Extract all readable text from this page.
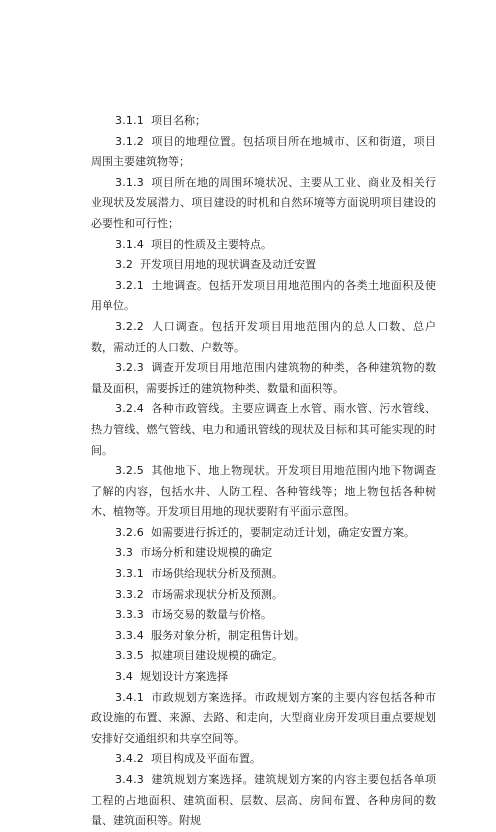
3.1.1 项目名称；

3.1.2 项目的地理位置。包括项目所在地城市、区和街道，项目周围主要建筑物等；

3.1.3 项目所在地的周围环境状况、主要从工业、商业及相关行业现状及发展潜力、项目建设的时机和自然环境等方面说明项目建设的必要性和可行性；

3.1.4 项目的性质及主要特点。

3.2 开发项目用地的现状调查及动迁安置

3.2.1 土地调查。包括开发项目用地范围内的各类土地面积及使用单位。

3.2.2 人口调查。包括开发项目用地范围内的总人口数、总户数，需动迁的人口数、户数等。

3.2.3 调查开发项目用地范围内建筑物的种类，各种建筑物的数量及面积，需要拆迁的建筑物种类、数量和面积等。

3.2.4 各种市政管线。主要应调查上水管、雨水管、污水管线、热力管线、燃气管线、电力和通讯管线的现状及目标和其可能实现的时间。

3.2.5 其他地下、地上物现状。开发项目用地范围内地下物调查了解的内容，包括水井、人防工程、各种管线等；地上物包括各种树木、植物等。开发项目用地的现状要附有平面示意图。

3.2.6 如需要进行拆迁的，要制定动迁计划，确定安置方案。

3.3 市场分析和建设规模的确定

3.3.1 市场供给现状分析及预测。

3.3.2 市场需求现状分析及预测。

3.3.3 市场交易的数量与价格。

3.3.4 服务对象分析，制定租售计划。

3.3.5 拟建项目建设规模的确定。

3.4 规划设计方案选择

3.4.1 市政规划方案选择。市政规划方案的主要内容包括各种市政设施的布置、来源、去路、和走向，大型商业房开发项目重点要规划安排好交通组织和共享空间等。

3.4.2 项目构成及平面布置。

3.4.3 建筑规划方案选择。建筑规划方案的内容主要包括各单项工程的占地面积、建筑面积、层数、层高、房间布置、各种房间的数量、建筑面积等。附规
